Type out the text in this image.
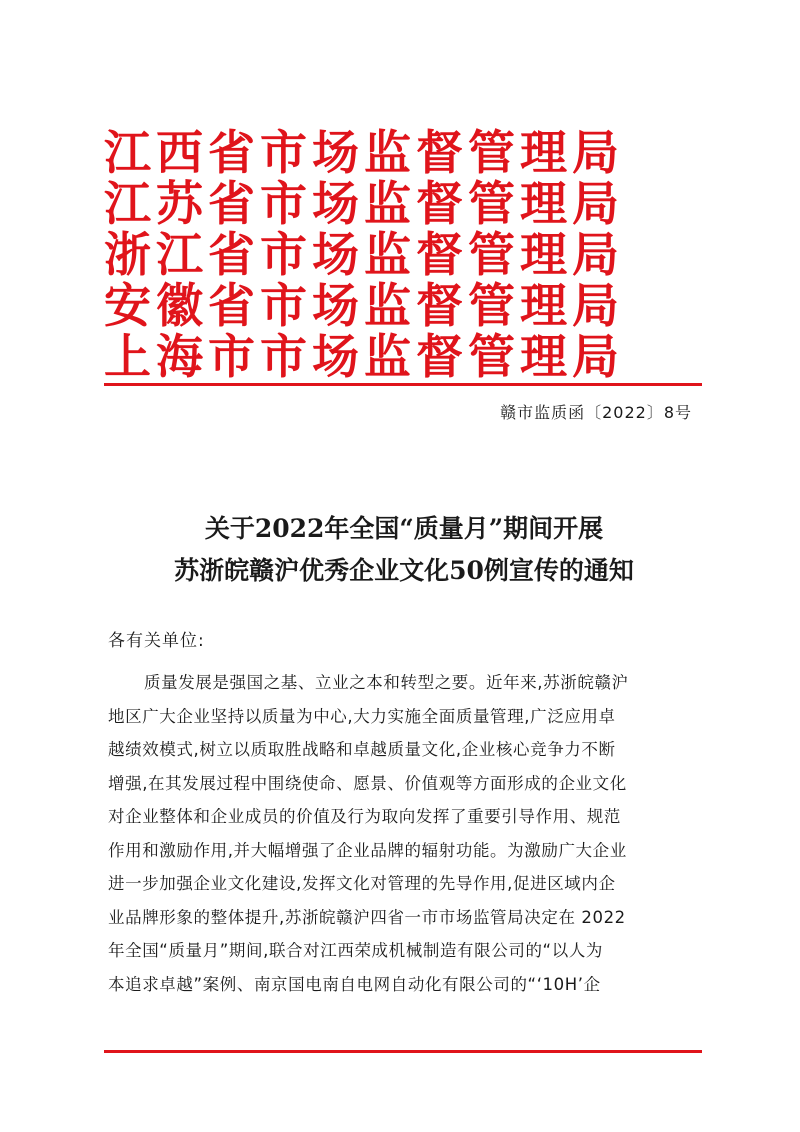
江西省市场监督管理局
江苏省市场监督管理局
浙江省市场监督管理局
安徽省市场监督管理局
上海市市场监督管理局
赣市监质函〔2022〕8号
关于2022年全国“质量月”期间开展
苏浙皖赣沪优秀企业文化50例宣传的通知
各有关单位:
质量发展是强国之基、立业之本和转型之要。近年来,苏浙皖赣沪
地区广大企业坚持以质量为中心,大力实施全面质量管理,广泛应用卓
越绩效模式,树立以质取胜战略和卓越质量文化,企业核心竞争力不断
增强,在其发展过程中围绕使命、愿景、价值观等方面形成的企业文化
对企业整体和企业成员的价值及行为取向发挥了重要引导作用、规范
作用和激励作用,并大幅增强了企业品牌的辐射功能。为激励广大企业
进一步加强企业文化建设,发挥文化对管理的先导作用,促进区域内企
业品牌形象的整体提升,苏浙皖赣沪四省一市市场监管局决定在 2022
年全国“质量月”期间,联合对江西荣成机械制造有限公司的“以人为
本追求卓越”案例、南京国电南自电网自动化有限公司的“‘10H’企
